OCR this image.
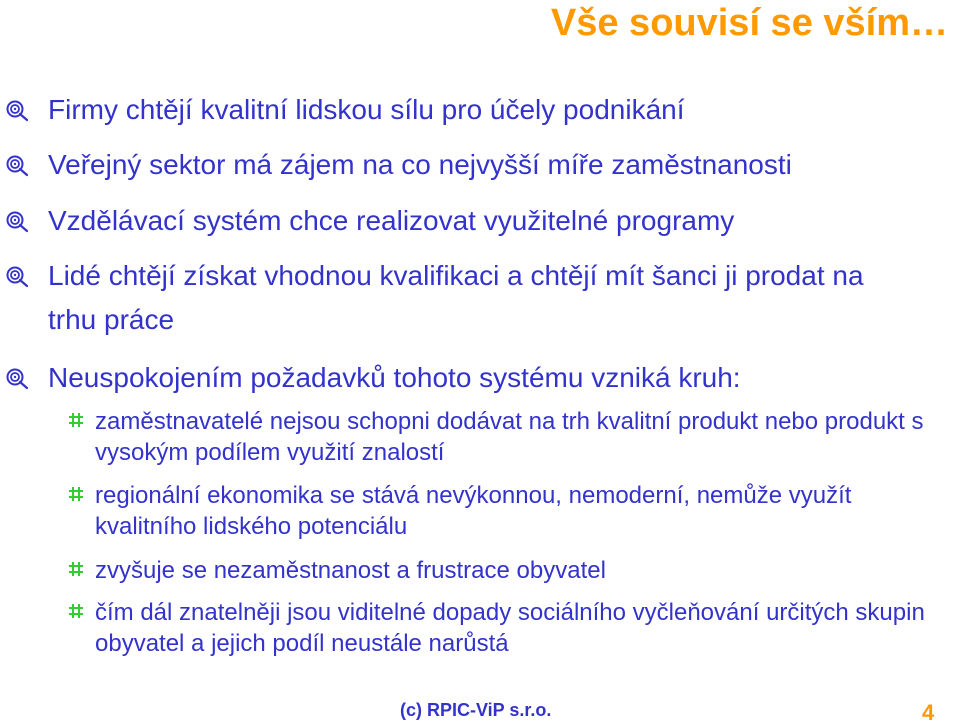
Vše souvisí se vším…
Firmy chtějí kvalitní lidskou sílu pro účely podnikání
Veřejný sektor má zájem na co nejvyšší míře zaměstnanosti
Vzdělávací systém chce realizovat využitelné programy
Lidé chtějí získat vhodnou kvalifikaci a chtějí mít šanci ji prodat na trhu práce
Neuspokojením požadavků tohoto systému vzniká kruh:
zaměstnavatelé nejsou schopni dodávat na trh kvalitní produkt nebo produkt s vysokým podílem využití znalostí
regionální ekonomika se stává nevýkonnou, nemoderní, nemůže využít kvalitního lidského potenciálu
zvyšuje se nezaměstnanost a frustrace obyvatel
čím dál znatelněji jsou viditelné dopady sociálního vyčleňování určitých skupin obyvatel a jejich podíl neustále narůstá
(c) RPIC-ViP s.r.o.	4
